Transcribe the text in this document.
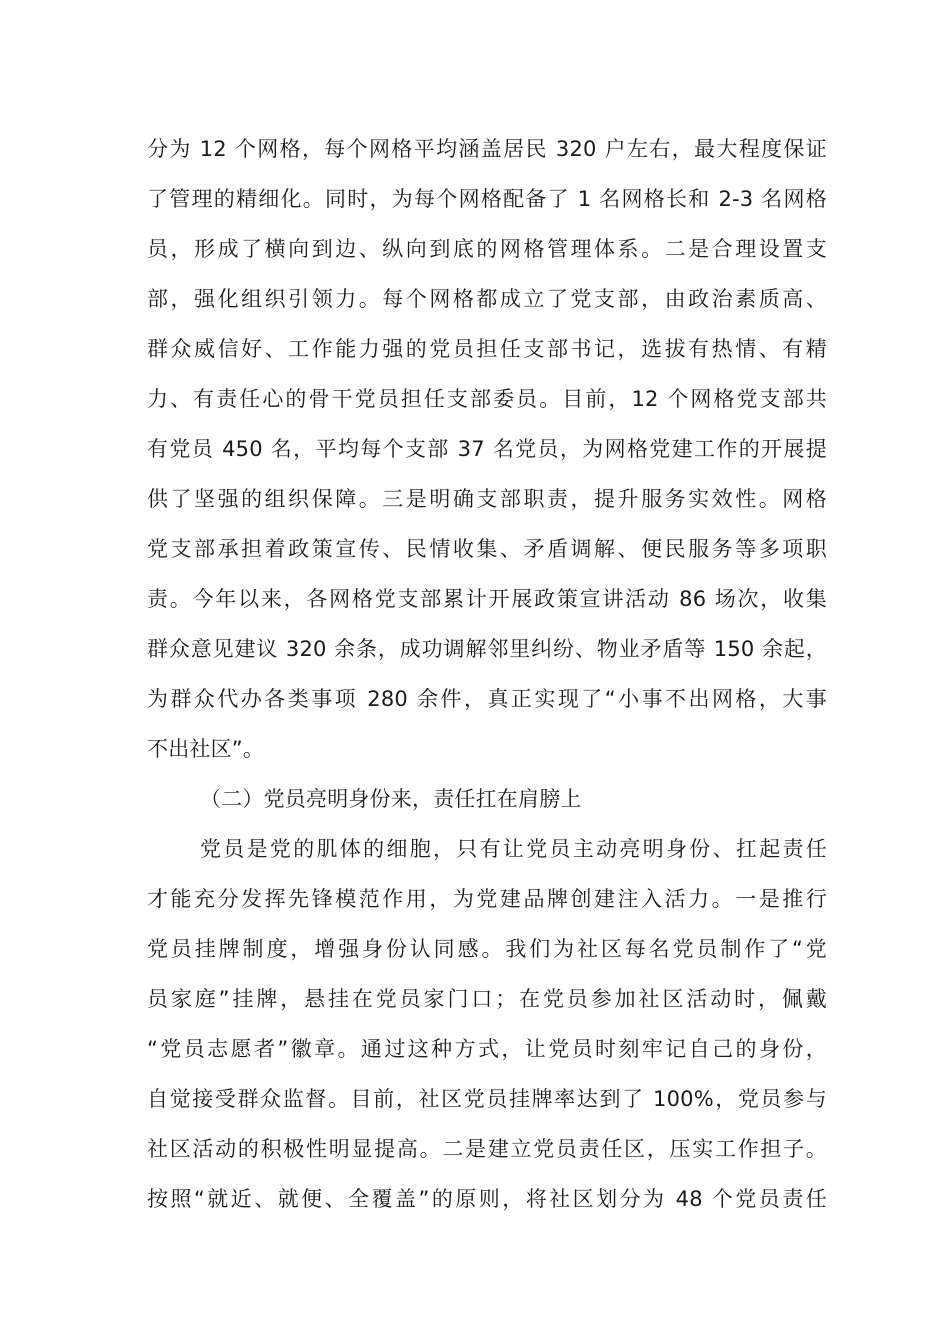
分为 12 个网格，每个网格平均涵盖居民 320 户左右，最大程度保证
了管理的精细化。同时，为每个网格配备了 1 名网格长和 2-3 名网格
员，形成了横向到边、纵向到底的网格管理体系。二是合理设置支
部，强化组织引领力。每个网格都成立了党支部，由政治素质高、
群众威信好、工作能力强的党员担任支部书记，选拔有热情、有精
力、有责任心的骨干党员担任支部委员。目前，12 个网格党支部共
有党员 450 名，平均每个支部 37 名党员，为网格党建工作的开展提
供了坚强的组织保障。三是明确支部职责，提升服务实效性。网格
党支部承担着政策宣传、民情收集、矛盾调解、便民服务等多项职
责。今年以来，各网格党支部累计开展政策宣讲活动 86 场次，收集
群众意见建议 320 余条，成功调解邻里纠纷、物业矛盾等 150 余起，
为群众代办各类事项 280 余件，真正实现了“小事不出网格，大事
不出社区”。
（二）党员亮明身份来，责任扛在肩膀上
党员是党的肌体的细胞，只有让党员主动亮明身份、扛起责任
才能充分发挥先锋模范作用，为党建品牌创建注入活力。一是推行
党员挂牌制度，增强身份认同感。我们为社区每名党员制作了“党
员家庭”挂牌，悬挂在党员家门口；在党员参加社区活动时，佩戴
“党员志愿者”徽章。通过这种方式，让党员时刻牢记自己的身份，
自觉接受群众监督。目前，社区党员挂牌率达到了 100%，党员参与
社区活动的积极性明显提高。二是建立党员责任区，压实工作担子。
按照“就近、就便、全覆盖”的原则，将社区划分为 48 个党员责任
